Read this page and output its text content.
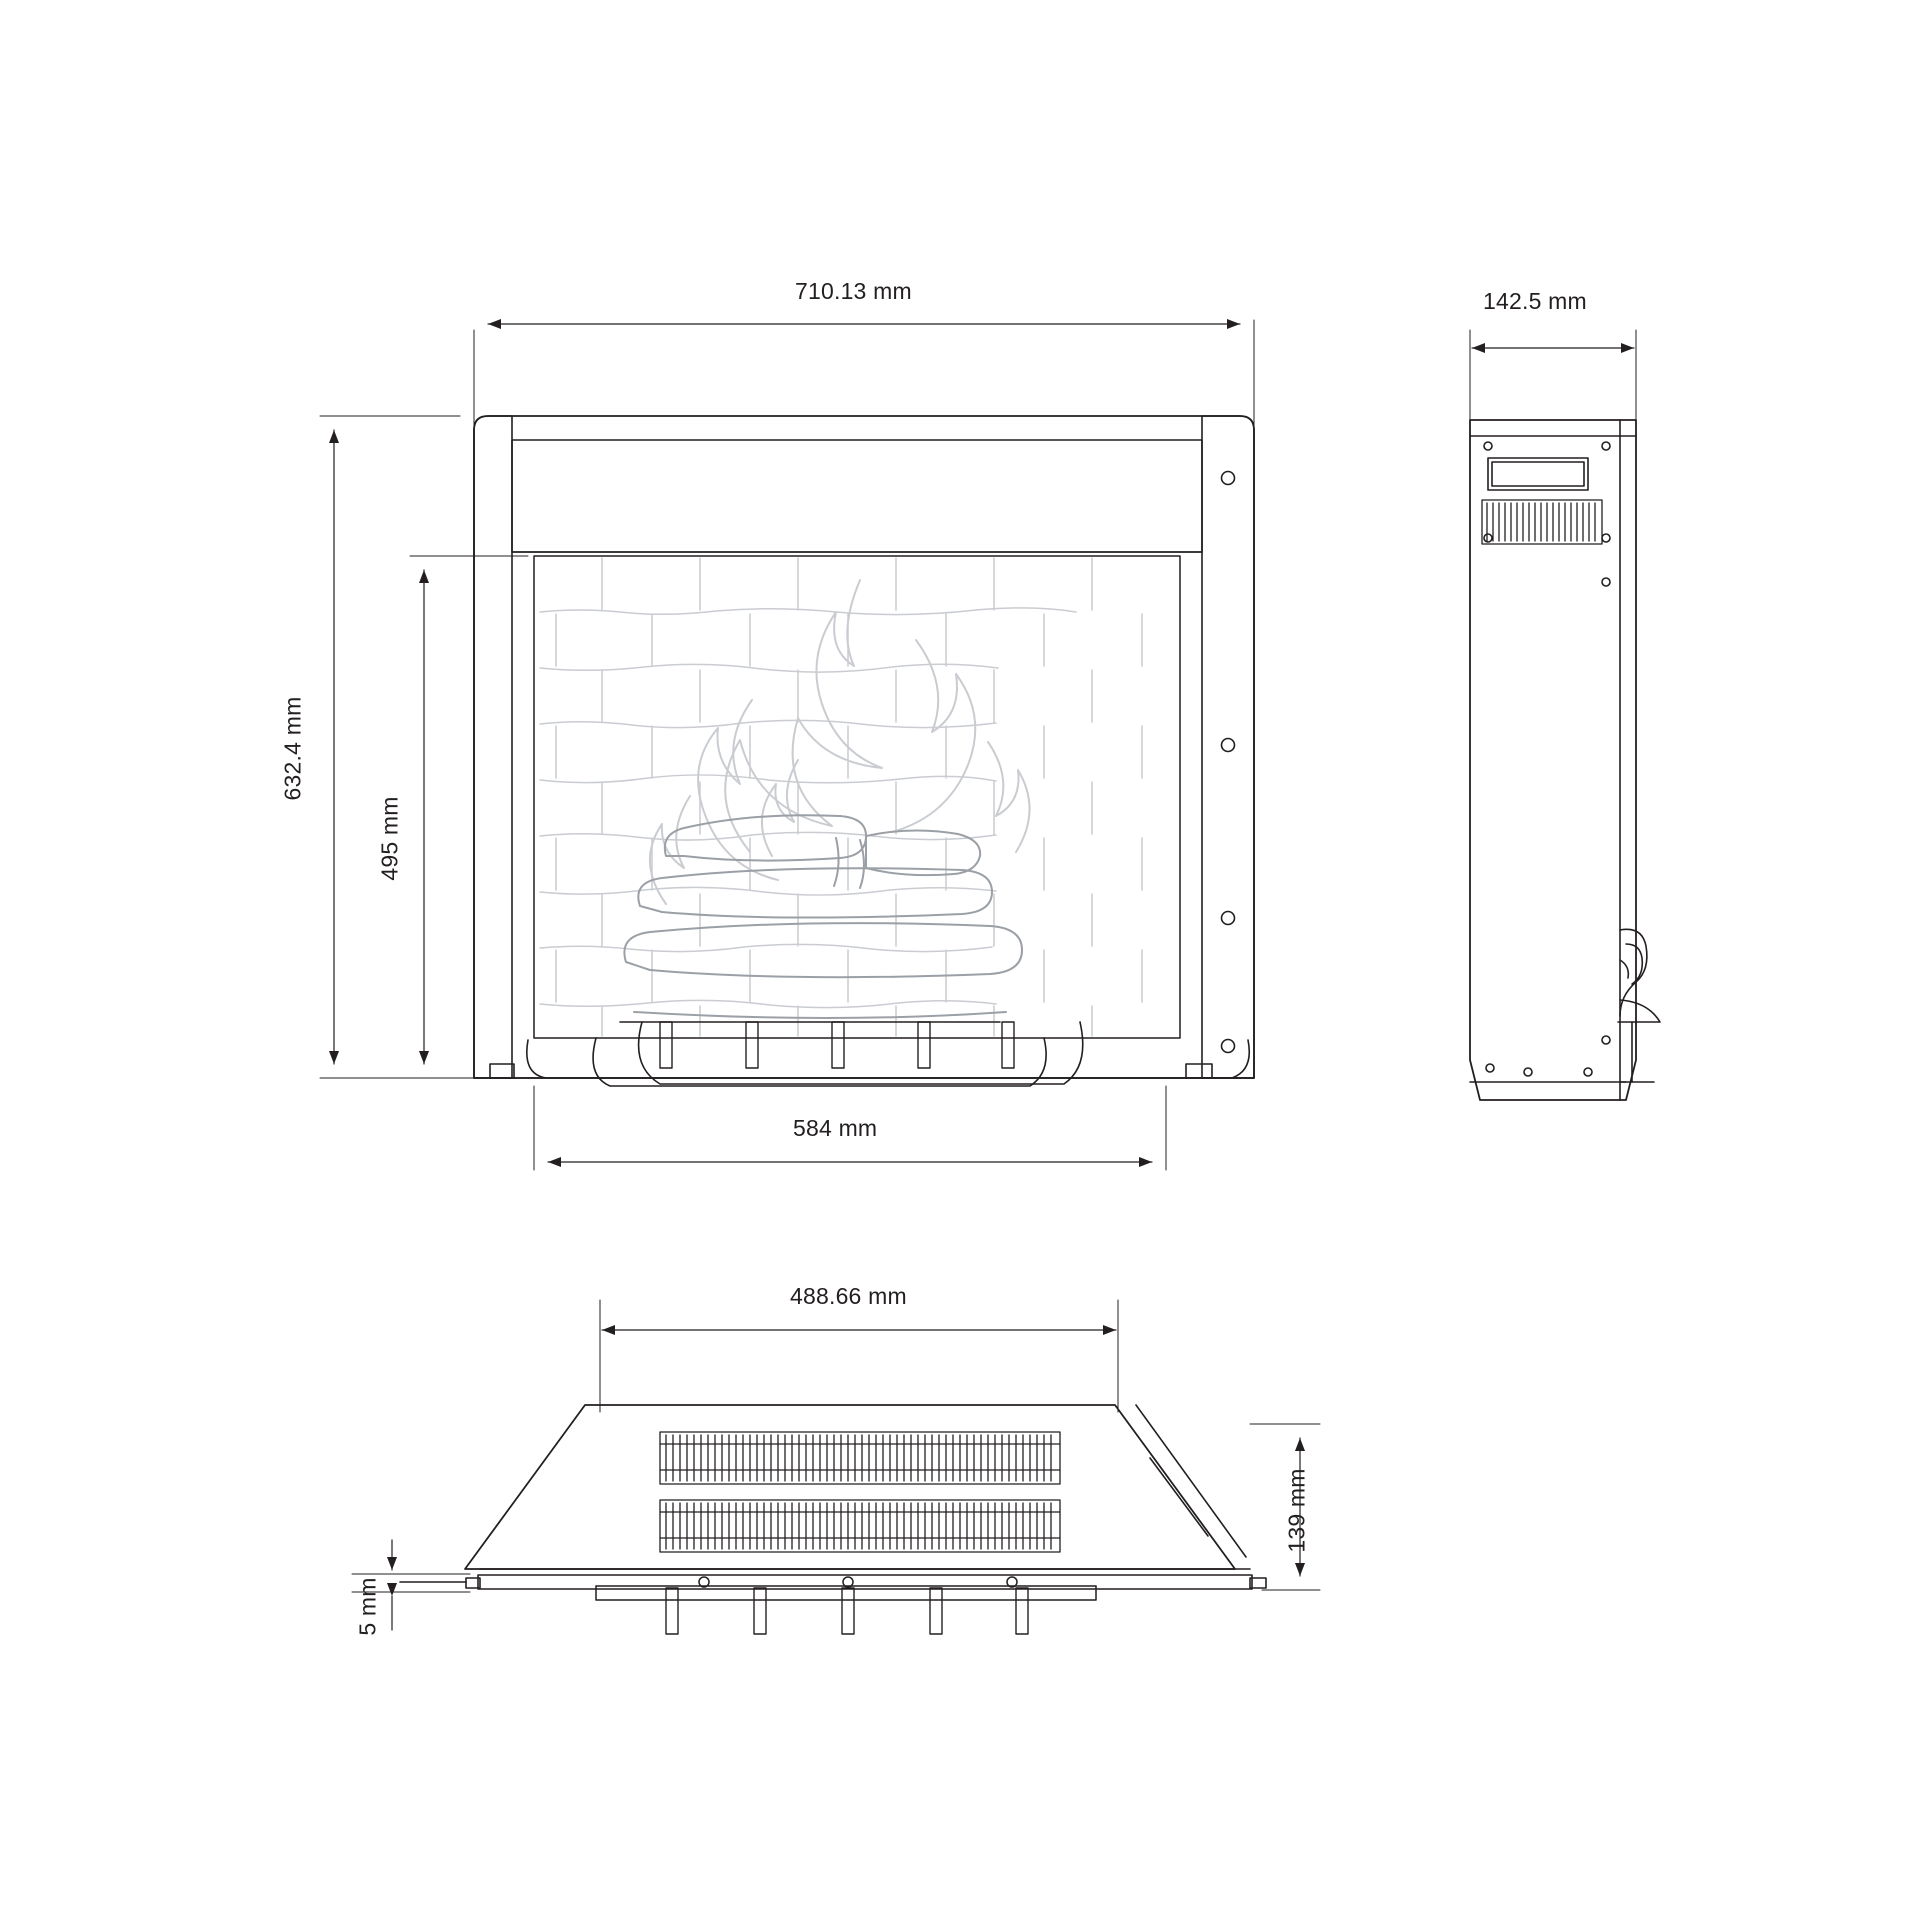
710.13 mm
632.4 mm
495 mm
584 mm
142.5 mm
488.66 mm
139 mm
5 mm
